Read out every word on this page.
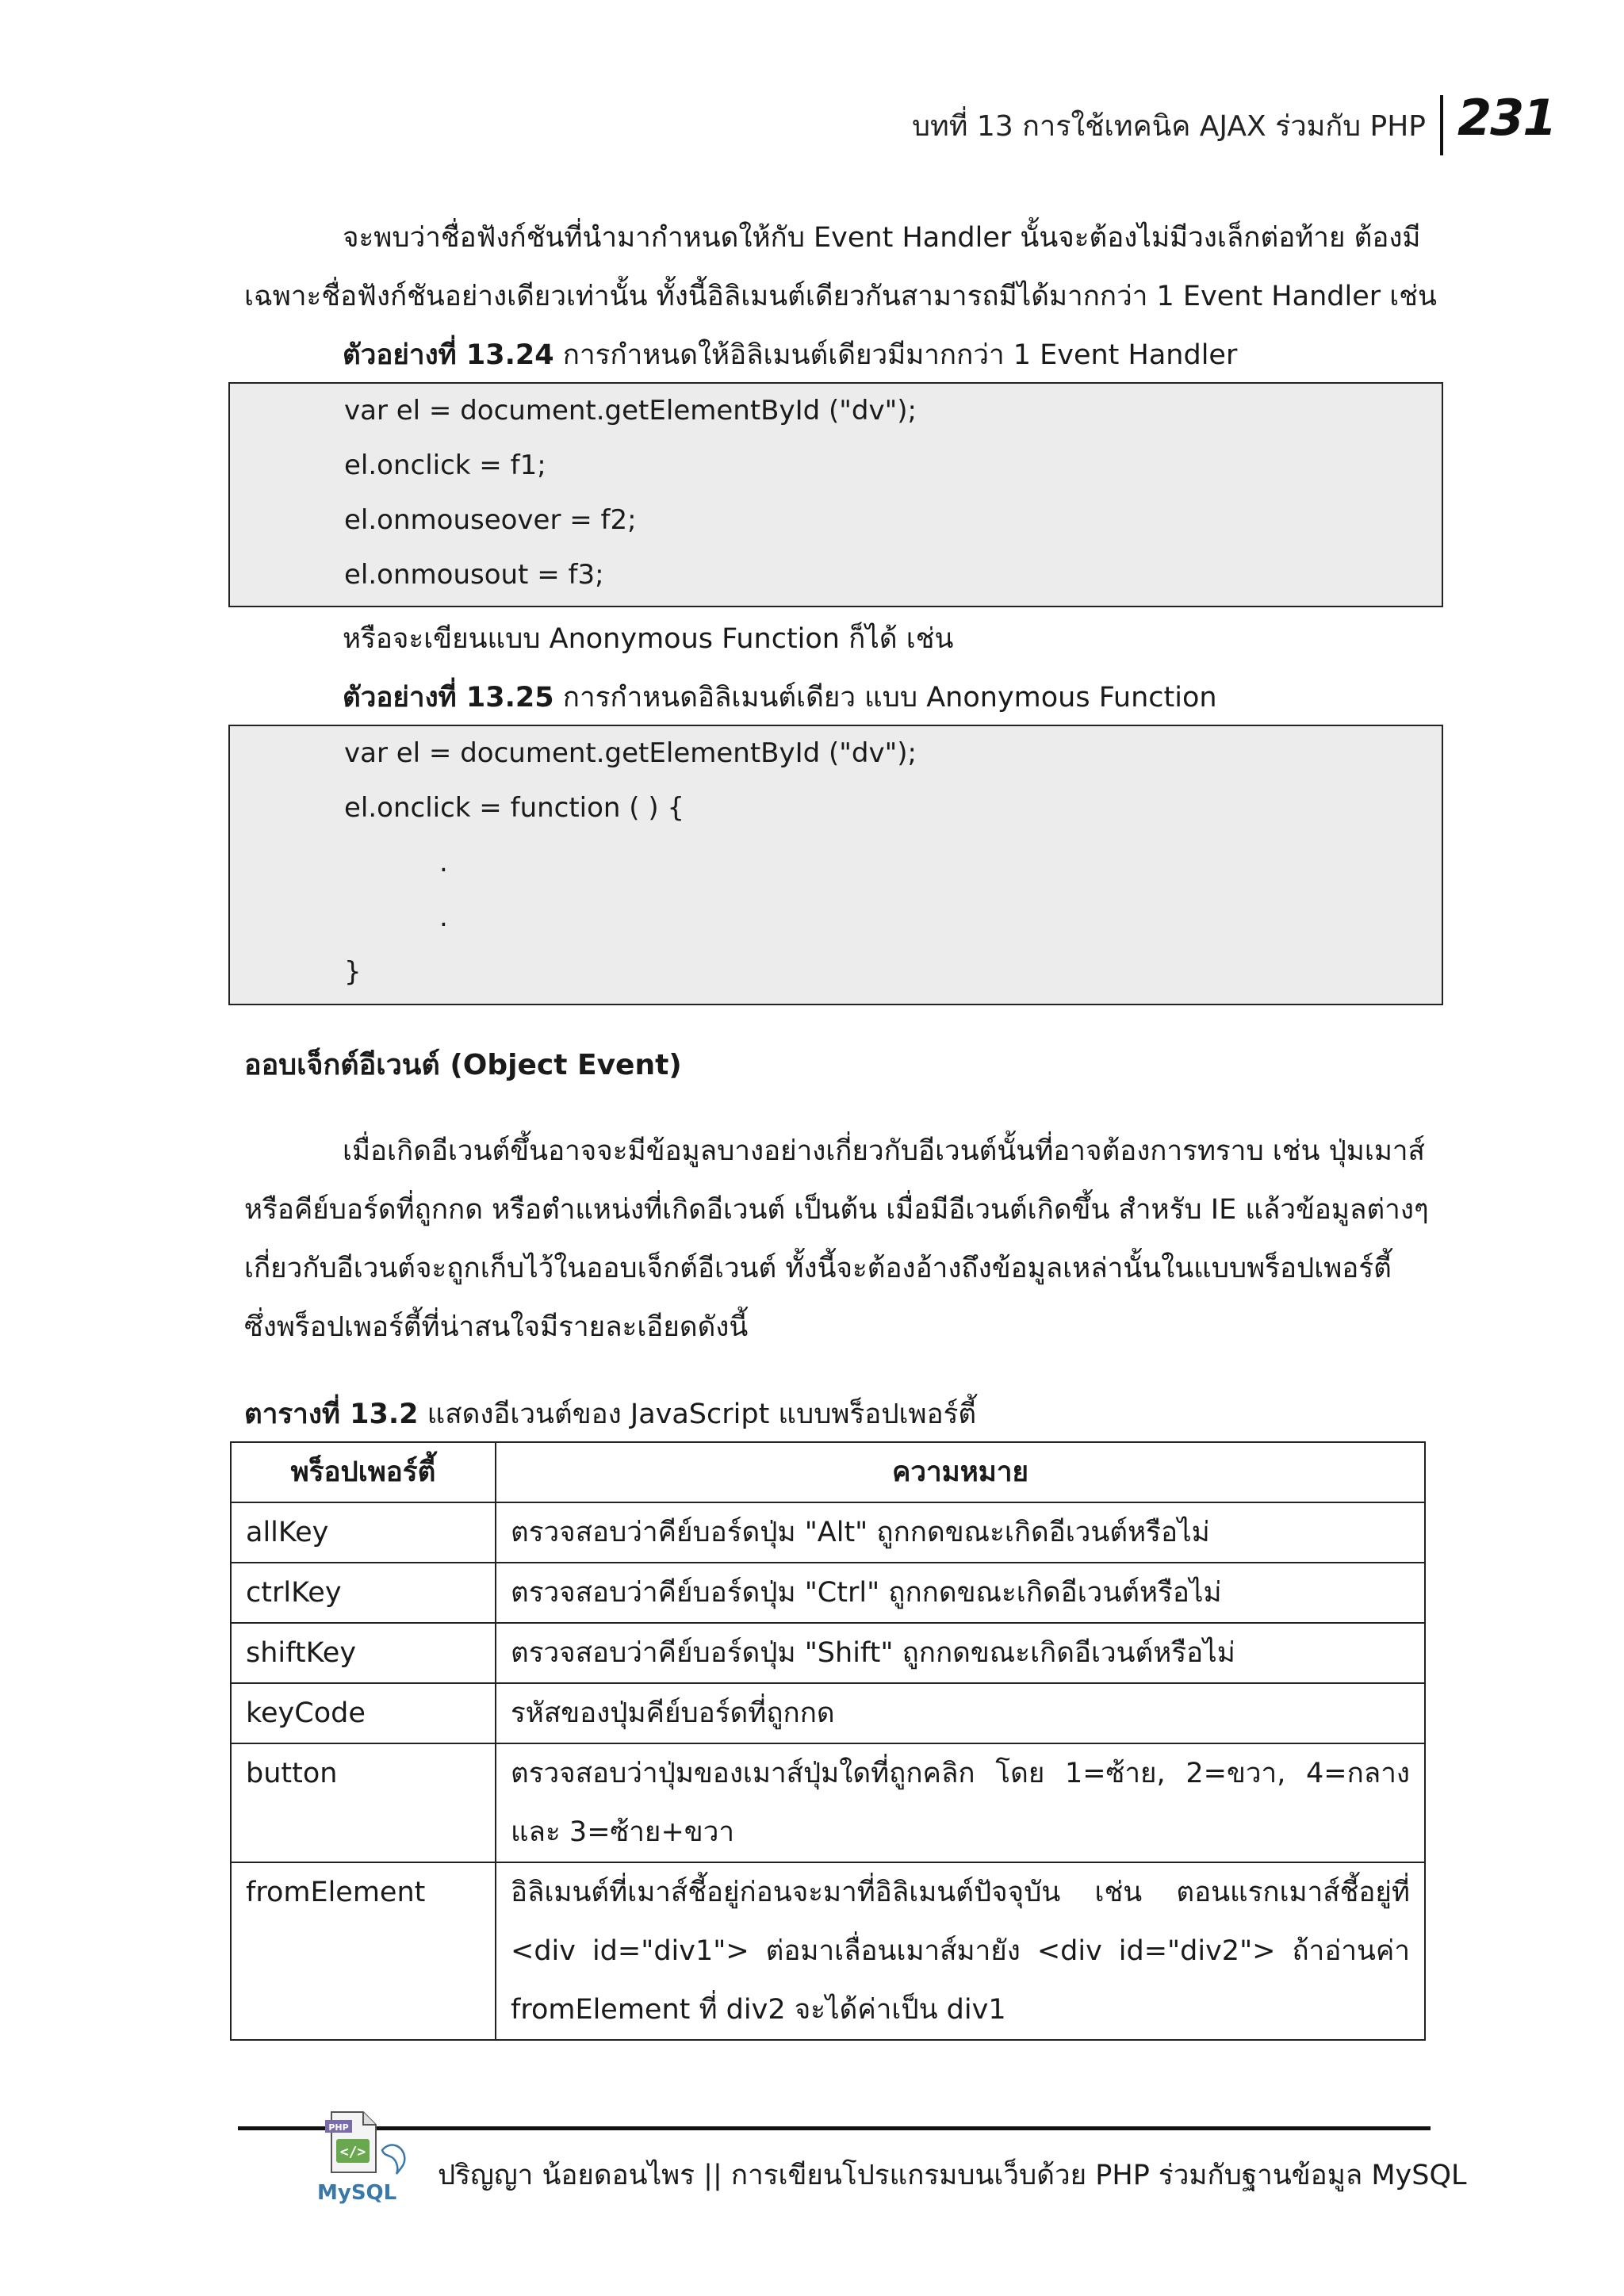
บทที่ 13 การใช้เทคนิค AJAX ร่วมกับ PHP 231
จะพบว่าชื่อฟังก์ชันที่นำมากำหนดให้กับ Event Handler นั้นจะต้องไม่มีวงเล็กต่อท้าย ต้องมี
เฉพาะชื่อฟังก์ชันอย่างเดียวเท่านั้น ทั้งนี้อิลิเมนต์เดียวกันสามารถมีได้มากกว่า 1 Event Handler เช่น
ตัวอย่างที่ 13.24 การกำหนดให้อิลิเมนต์เดียวมีมากกว่า 1 Event Handler
var el = document.getElementById ("dv");
el.onclick = f1;
el.onmouseover = f2;
el.onmousout = f3;
หรือจะเขียนแบบ Anonymous Function ก็ได้ เช่น
ตัวอย่างที่ 13.25 การกำหนดอิลิเมนต์เดียว แบบ Anonymous Function
var el = document.getElementById ("dv");
el.onclick = function ( ) {
.
.
}
ออบเจ็กต์อีเวนต์ (Object Event)
เมื่อเกิดอีเวนต์ขึ้นอาจจะมีข้อมูลบางอย่างเกี่ยวกับอีเวนต์นั้นที่อาจต้องการทราบ เช่น ปุ่มเมาส์
หรือคีย์บอร์ดที่ถูกกด หรือตำแหน่งที่เกิดอีเวนต์ เป็นต้น เมื่อมีอีเวนต์เกิดขึ้น สำหรับ IE แล้วข้อมูลต่างๆ
เกี่ยวกับอีเวนต์จะถูกเก็บไว้ในออบเจ็กต์อีเวนต์ ทั้งนี้จะต้องอ้างถึงข้อมูลเหล่านั้นในแบบพร็อปเพอร์ตี้
ซึ่งพร็อปเพอร์ตี้ที่น่าสนใจมีรายละเอียดดังนี้
ตารางที่ 13.2 แสดงอีเวนต์ของ JavaScript แบบพร็อปเพอร์ตี้
พร็อปเพอร์ตี้	ความหมาย
allKey	ตรวจสอบว่าคีย์บอร์ดปุ่ม "Alt" ถูกกดขณะเกิดอีเวนต์หรือไม่
ctrlKey	ตรวจสอบว่าคีย์บอร์ดปุ่ม "Ctrl" ถูกกดขณะเกิดอีเวนต์หรือไม่
shiftKey	ตรวจสอบว่าคีย์บอร์ดปุ่ม "Shift" ถูกกดขณะเกิดอีเวนต์หรือไม่
keyCode	รหัสของปุ่มคีย์บอร์ดที่ถูกกด
button	ตรวจสอบว่าปุ่มของเมาส์ปุ่มใดที่ถูกคลิก โดย 1=ซ้าย, 2=ขวา, 4=กลาง และ 3=ซ้าย+ขวา
fromElement	อิลิเมนต์ที่เมาส์ชี้อยู่ก่อนจะมาที่อิลิเมนต์ปัจจุบัน เช่น ตอนแรกเมาส์ชี้อยู่ที่ <div id="div1"> ต่อมาเลื่อนเมาส์มายัง <div id="div2"> ถ้าอ่านค่า fromElement ที่ div2 จะได้ค่าเป็น div1
PHP
</>
MySQL
ปริญญา น้อยดอนไพร || การเขียนโปรแกรมบนเว็บด้วย PHP ร่วมกับฐานข้อมูล MySQL
